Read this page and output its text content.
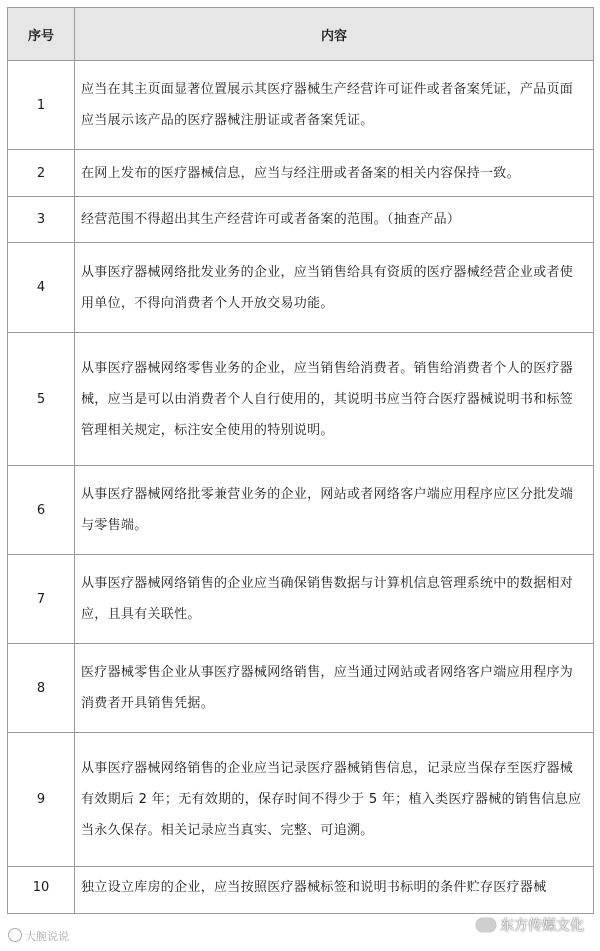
序号	内容
1	应当在其主页面显著位置展示其医疗器械生产经营许可证件或者备案凭证，产品页面应当展示该产品的医疗器械注册证或者备案凭证。
2	在网上发布的医疗器械信息，应当与经注册或者备案的相关内容保持一致。
3	经营范围不得超出其生产经营许可或者备案的范围。（抽查产品）
4	从事医疗器械网络批发业务的企业，应当销售给具有资质的医疗器械经营企业或者使用单位，不得向消费者个人开放交易功能。
5	从事医疗器械网络零售业务的企业，应当销售给消费者。销售给消费者个人的医疗器械，应当是可以由消费者个人自行使用的，其说明书应当符合医疗器械说明书和标签管理相关规定，标注安全使用的特别说明。
6	从事医疗器械网络批零兼营业务的企业，网站或者网络客户端应用程序应区分批发端与零售端。
7	从事医疗器械网络销售的企业应当确保销售数据与计算机信息管理系统中的数据相对应，且具有关联性。
8	医疗器械零售企业从事医疗器械网络销售，应当通过网站或者网络客户端应用程序为消费者开具销售凭据。
9	从事医疗器械网络销售的企业应当记录医疗器械销售信息，记录应当保存至医疗器械有效期后 2 年；无有效期的，保存时间不得少于 5 年；植入类医疗器械的销售信息应当永久保存。相关记录应当真实、完整、可追溯。
10	独立设立库房的企业，应当按照医疗器械标签和说明书标明的条件贮存医疗器械
大腕说说
东方传媒文化
